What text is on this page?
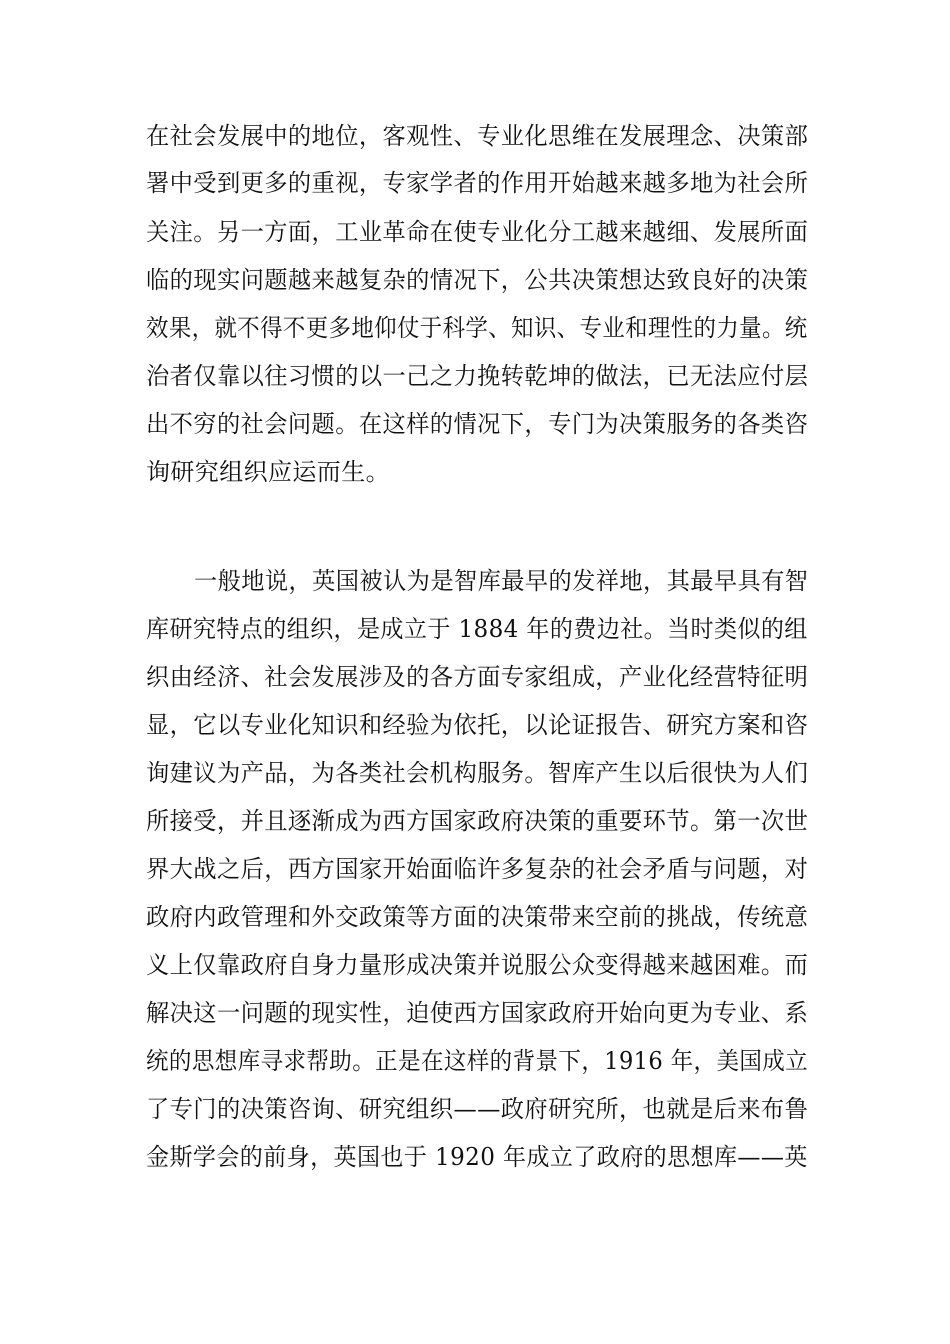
在社会发展中的地位，客观性、专业化思维在发展理念、决策部
署中受到更多的重视，专家学者的作用开始越来越多地为社会所
关注。另一方面，工业革命在使专业化分工越来越细、发展所面
临的现实问题越来越复杂的情况下，公共决策想达致良好的决策
效果，就不得不更多地仰仗于科学、知识、专业和理性的力量。统
治者仅靠以往习惯的以一己之力挽转乾坤的做法，已无法应付层
出不穷的社会问题。在这样的情况下，专门为决策服务的各类咨
询研究组织应运而生。
一般地说，英国被认为是智库最早的发祥地，其最早具有智
库研究特点的组织，是成立于 1884 年的费边社。当时类似的组
织由经济、社会发展涉及的各方面专家组成，产业化经营特征明
显，它以专业化知识和经验为依托，以论证报告、研究方案和咨
询建议为产品，为各类社会机构服务。智库产生以后很快为人们
所接受，并且逐渐成为西方国家政府决策的重要环节。第一次世
界大战之后，西方国家开始面临许多复杂的社会矛盾与问题，对
政府内政管理和外交政策等方面的决策带来空前的挑战，传统意
义上仅靠政府自身力量形成决策并说服公众变得越来越困难。而
解决这一问题的现实性，迫使西方国家政府开始向更为专业、系
统的思想库寻求帮助。正是在这样的背景下，1916 年，美国成立
了专门的决策咨询、研究组织——政府研究所，也就是后来布鲁
金斯学会的前身，英国也于 1920 年成立了政府的思想库——英
